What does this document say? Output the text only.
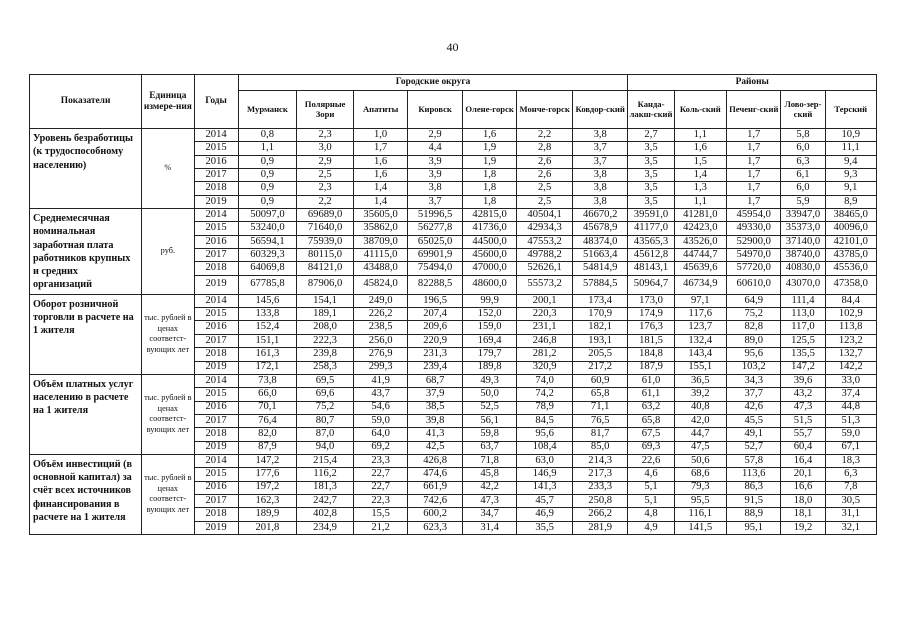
40
Показатели	Единица измере-ния	Годы	Городские округа							Районы				
			Мурманск	Полярные Зори	Апатиты	Кировск	Олене-горск	Монче-горск	Ковдор-ский	Канда-лакш-ский	Коль-ский	Печенг-ский	Лово-зер-ский	Терский
Уровень безработицы (к трудоспособному населению)	%	2014	0,8	2,3	1,0	2,9	1,6	2,2	3,8	2,7	1,1	1,7	5,8	10,9
		2015	1,1	3,0	1,7	4,4	1,9	2,8	3,7	3,5	1,6	1,7	6,0	11,1
		2016	0,9	2,9	1,6	3,9	1,9	2,6	3,7	3,5	1,5	1,7	6,3	9,4
		2017	0,9	2,5	1,6	3,9	1,8	2,6	3,8	3,5	1,4	1,7	6,1	9,3
		2018	0,9	2,3	1,4	3,8	1,8	2,5	3,8	3,5	1,3	1,7	6,0	9,1
		2019	0,9	2,2	1,4	3,7	1,8	2,5	3,8	3,5	1,1	1,7	5,9	8,9
Среднемесячная номинальная заработная плата работников крупных и средних организаций	руб.	2014	50097,0	69689,0	35605,0	51996,5	42815,0	40504,1	46670,2	39591,0	41281,0	45954,0	33947,0	38465,0
		2015	53240,0	71640,0	35862,0	56277,8	41736,0	42934,3	45678,9	41177,0	42423,0	49330,0	35373,0	40096,0
		2016	56594,1	75939,0	38709,0	65025,0	44500,0	47553,2	48374,0	43565,3	43526,0	52900,0	37140,0	42101,0
		2017	60329,3	80115,0	41115,0	69901,9	45600,0	49788,2	51663,4	45612,8	44744,7	54970,0	38740,0	43785,0
		2018	64069,8	84121,0	43488,0	75494,0	47000,0	52626,1	54814,9	48143,1	45639,6	57720,0	40830,0	45536,0
		2019	67785,8	87906,0	45824,0	82288,5	48600,0	55573,2	57884,5	50964,7	46734,9	60610,0	43070,0	47358,0
Оборот розничной торговли в расчете на 1 жителя	тыс. рублей в ценах соответст-вующих лет	2014	145,6	154,1	249,0	196,5	99,9	200,1	173,4	173,0	97,1	64,9	111,4	84,4
		2015	133,8	189,1	226,2	207,4	152,0	220,3	170,9	174,9	117,6	75,2	113,0	102,9
		2016	152,4	208,0	238,5	209,6	159,0	231,1	182,1	176,3	123,7	82,8	117,0	113,8
		2017	151,1	222,3	256,0	220,9	169,4	246,8	193,1	181,5	132,4	89,0	125,5	123,2
		2018	161,3	239,8	276,9	231,3	179,7	281,2	205,5	184,8	143,4	95,6	135,5	132,7
		2019	172,1	258,3	299,3	239,4	189,8	320,9	217,2	187,9	155,1	103,2	147,2	142,2
Объём платных услуг населению в расчете на 1 жителя	тыс. рублей в ценах соответст-вующих лет	2014	73,8	69,5	41,9	68,7	49,3	74,0	60,9	61,0	36,5	34,3	39,6	33,0
		2015	66,0	69,6	43,7	37,9	50,0	74,2	65,8	61,1	39,2	37,7	43,2	37,4
		2016	70,1	75,2	54,6	38,5	52,5	78,9	71,1	63,2	40,8	42,6	47,3	44,8
		2017	76,4	80,7	59,0	39,8	56,1	84,5	76,5	65,8	42,0	45,5	51,5	51,3
		2018	82,0	87,0	64,0	41,3	59,8	95,6	81,7	67,5	44,7	49,1	55,7	59,0
		2019	87,9	94,0	69,2	42,5	63,7	108,4	85,0	69,3	47,5	52,7	60,4	67,1
Объём инвестиций (в основной капитал) за счёт всех источников финансирования в расчете на 1 жителя	тыс. рублей в ценах соответст-вующих лет	2014	147,2	215,4	23,3	426,8	71,8	63,0	214,3	22,6	50,6	57,8	16,4	18,3
		2015	177,6	116,2	22,7	474,6	45,8	146,9	217,3	4,6	68,6	113,6	20,1	6,3
		2016	197,2	181,3	22,7	661,9	42,2	141,3	233,3	5,1	79,3	86,3	16,6	7,8
		2017	162,3	242,7	22,3	742,6	47,3	45,7	250,8	5,1	95,5	91,5	18,0	30,5
		2018	189,9	402,8	15,5	600,2	34,7	46,9	266,2	4,8	116,1	88,9	18,1	31,1
		2019	201,8	234,9	21,2	623,3	31,4	35,5	281,9	4,9	141,5	95,1	19,2	32,1
